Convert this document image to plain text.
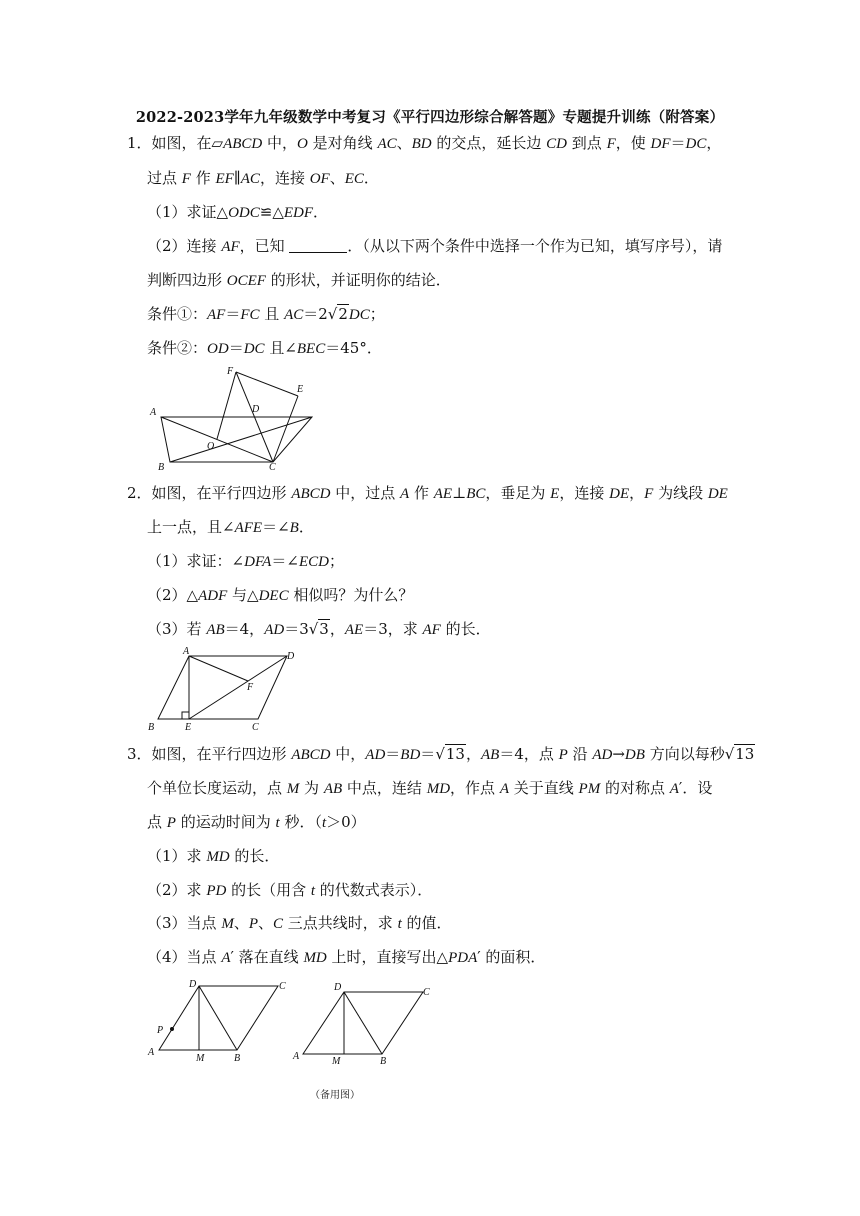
2022-2023学年九年级数学中考复习《平行四边形综合解答题》专题提升训练（附答案）
1．如图，在▱ABCD 中，O 是对角线 AC、BD 的交点，延长边 CD 到点 F，使 DF＝DC，
过点 F 作 EF∥AC，连接 OF、EC．
（1）求证△ODC≌△EDF．
（2）连接 AF，已知	．（从以下两个条件中选择一个作为已知，填写序号），请
判断四边形 OCEF 的形状，并证明你的结论．
条件①：AF＝FC 且 AC＝2√2DC；
条件②：OD＝DC 且∠BEC＝45°．
A
B	C
D
E
F
O
2．如图，在平行四边形 ABCD 中，过点 A 作 AE⊥BC，垂足为 E，连接 DE，F 为线段 DE
上一点，且∠AFE＝∠B．
（1）求证：∠DFA＝∠ECD；
（2）△ADF 与△DEC 相似吗？为什么？
（3）若 AB＝4，AD＝3√3，AE＝3，求 AF 的长．
A
B	C
D
E
F
3．如图，在平行四边形 ABCD 中，AD＝BD＝√13，AB＝4，点 P 沿 AD→DB 方向以每秒√13
个单位长度运动，点 M 为 AB 中点，连结 MD，作点 A 关于直线 PM 的对称点 A′．设
点 P 的运动时间为 t 秒．（t＞0）
（1）求 MD 的长．
（2）求 PD 的长（用含 t 的代数式表示）．
（3）当点 M、P、C 三点共线时，求 t 的值．
（4）当点 A′ 落在直线 MD 上时，直接写出△PDA′ 的面积．
A
B
C
D
M
P
A	B
C
D
M
（备用图）
